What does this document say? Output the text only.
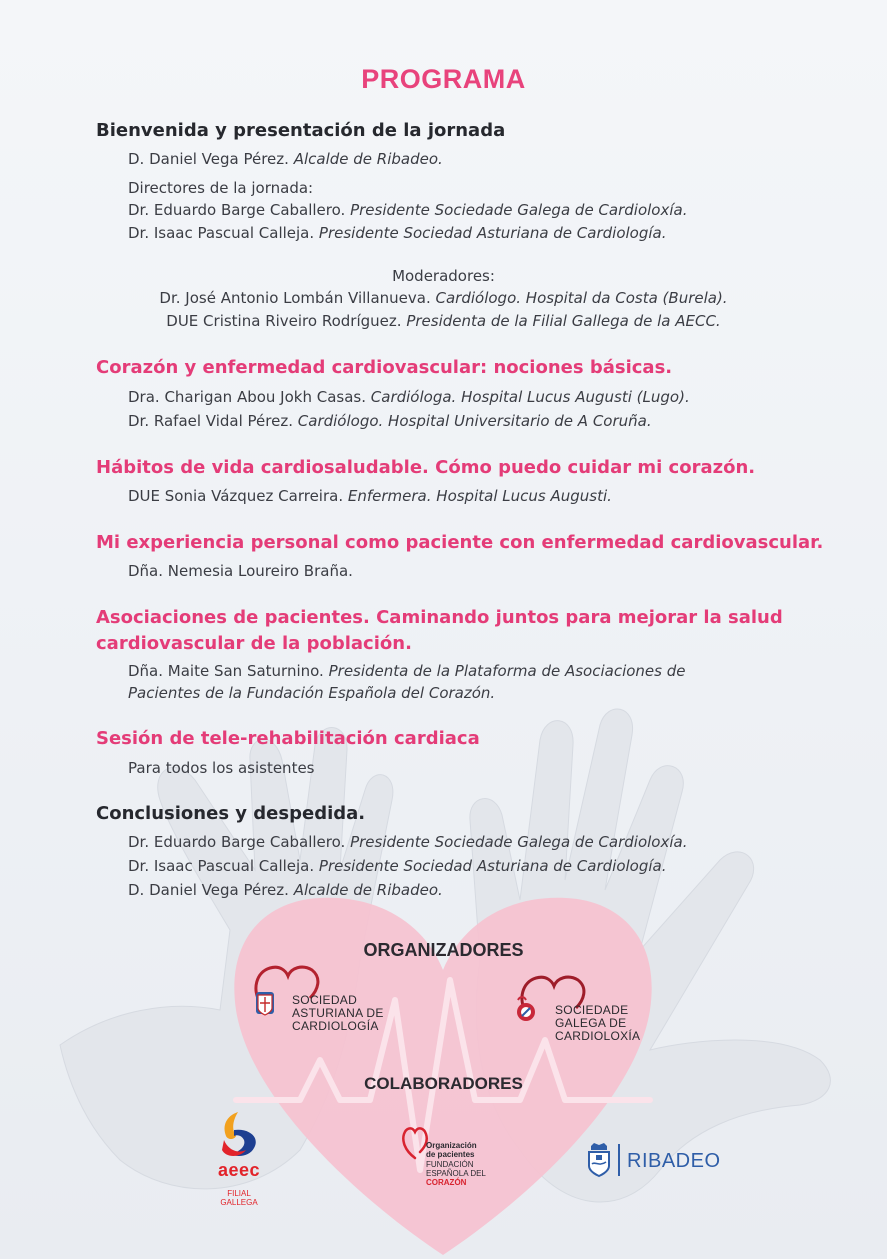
PROGRAMA
Bienvenida y presentación de la jornada
D. Daniel Vega Pérez. Alcalde de Ribadeo.
Directores de la jornada:
Dr. Eduardo Barge Caballero. Presidente Sociedade Galega de Cardioloxía.
Dr. Isaac Pascual Calleja. Presidente Sociedad Asturiana de Cardiología.
Moderadores:
Dr. José Antonio Lombán Villanueva. Cardiólogo. Hospital da Costa (Burela).
DUE Cristina Riveiro Rodríguez. Presidenta de la Filial Gallega de la AECC.
Corazón y enfermedad cardiovascular: nociones básicas.
Dra. Charigan Abou Jokh Casas. Cardióloga. Hospital Lucus Augusti (Lugo).
Dr. Rafael Vidal Pérez. Cardiólogo. Hospital Universitario de A Coruña.
Hábitos de vida cardiosaludable. Cómo puedo cuidar mi corazón.
DUE Sonia Vázquez Carreira. Enfermera. Hospital Lucus Augusti.
Mi experiencia personal como paciente con enfermedad cardiovascular.
Dña. Nemesia Loureiro Braña.
Asociaciones de pacientes. Caminando juntos para mejorar la salud
cardiovascular de la población.
Dña. Maite San Saturnino. Presidenta de la Plataforma de Asociaciones de
Pacientes de la Fundación Española del Corazón.
Sesión de tele-rehabilitación cardiaca
Para todos los asistentes
Conclusiones y despedida.
Dr. Eduardo Barge Caballero. Presidente Sociedade Galega de Cardioloxía.
Dr. Isaac Pascual Calleja. Presidente Sociedad Asturiana de Cardiología.
D. Daniel Vega Pérez. Alcalde de Ribadeo.
ORGANIZADORES
SOCIEDAD
ASTURIANA DE
CARDIOLOGÍA
SOCIEDADE
GALEGA DE
CARDIOLOXÍA
COLABORADORES
aeec
FILIAL
GALLEGA
Organización
de pacientes
FUNDACIÓN
ESPAÑOLA DEL
CORAZÓN
RIBADEO
